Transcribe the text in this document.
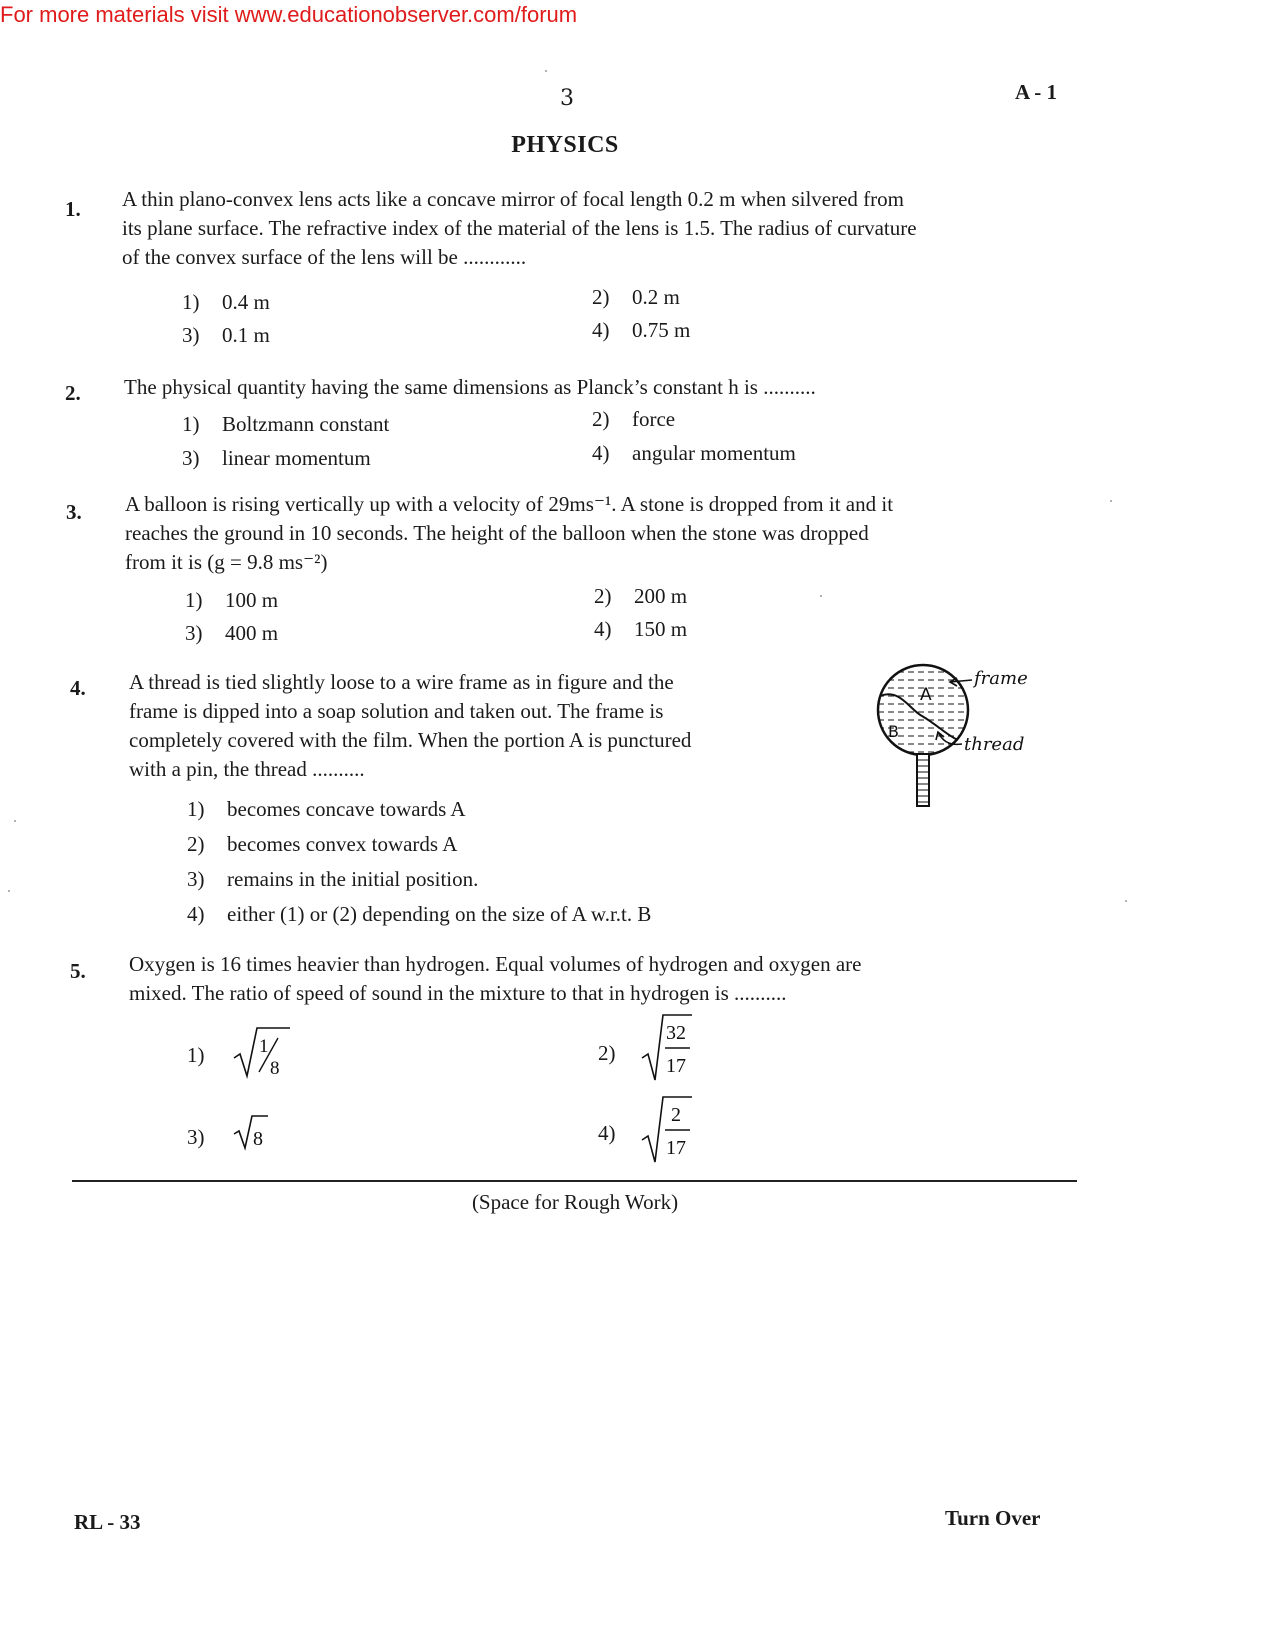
For more materials visit www.educationobserver.com/forum
3	A - 1
PHYSICS
1. A thin plano-convex lens acts like a concave mirror of focal length 0.2 m when silvered from
its plane surface. The refractive index of the material of the lens is 1.5. The radius of curvature
of the convex surface of the lens will be ............
1) 0.4 m	2) 0.2 m
3) 0.1 m	4) 0.75 m
2. The physical quantity having the same dimensions as Planck’s constant h is ..........
1) Boltzmann constant	2) force
3) linear momentum	4) angular momentum
3. A balloon is rising vertically up with a velocity of 29ms⁻¹. A stone is dropped from it and it
reaches the ground in 10 seconds. The height of the balloon when the stone was dropped
from it is (g = 9.8 ms⁻²)
1) 100 m	2) 200 m
3) 400 m	4) 150 m
4. A thread is tied slightly loose to a wire frame as in figure and the
frame is dipped into a soap solution and taken out. The frame is
completely covered with the film. When the portion A is punctured
with a pin, the thread ..........
1) becomes concave towards A
2) becomes convex towards A
3) remains in the initial position.
4) either (1) or (2) depending on the size of A w.r.t. B
A
B
frame
thread
5. Oxygen is 16 times heavier than hydrogen. Equal volumes of hydrogen and oxygen are
mixed. The ratio of speed of sound in the mixture to that in hydrogen is ..........
1)	1
8
2)
32
17
3) 8	4)
2
17
(Space for Rough Work)
RL - 33	Turn Over
